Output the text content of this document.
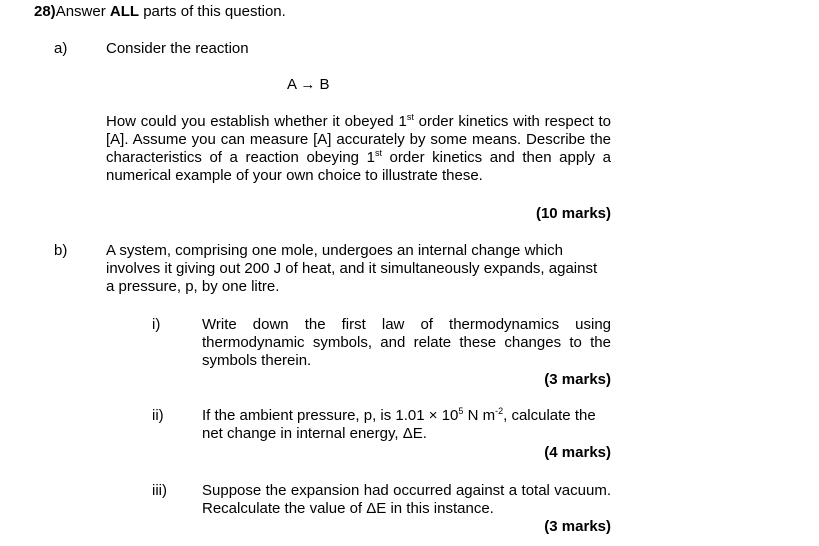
28)Answer ALL parts of this question.
a)	Consider the reaction
A → B
How could you establish whether it obeyed 1st order kinetics with respect to [A]. Assume you can measure [A] accurately by some means. Describe the characteristics of a reaction obeying 1st order kinetics and then apply a numerical example of your own choice to illustrate these.
(10 marks)
b)	A system, comprising one mole, undergoes an internal change which involves it giving out 200 J of heat, and it simultaneously expands, against a pressure, p, by one litre.
i)	Write down the first law of thermodynamics using thermodynamic symbols, and relate these changes to the symbols therein.
(3 marks)
ii)	If the ambient pressure, p, is $1.01 \times 10^5$ N $m^{-2}$, calculate the net change in internal energy, ΔE.
(4 marks)
iii) Suppose the expansion had occurred against a total vacuum. Recalculate the value of ΔE in this instance.
(3 marks)
